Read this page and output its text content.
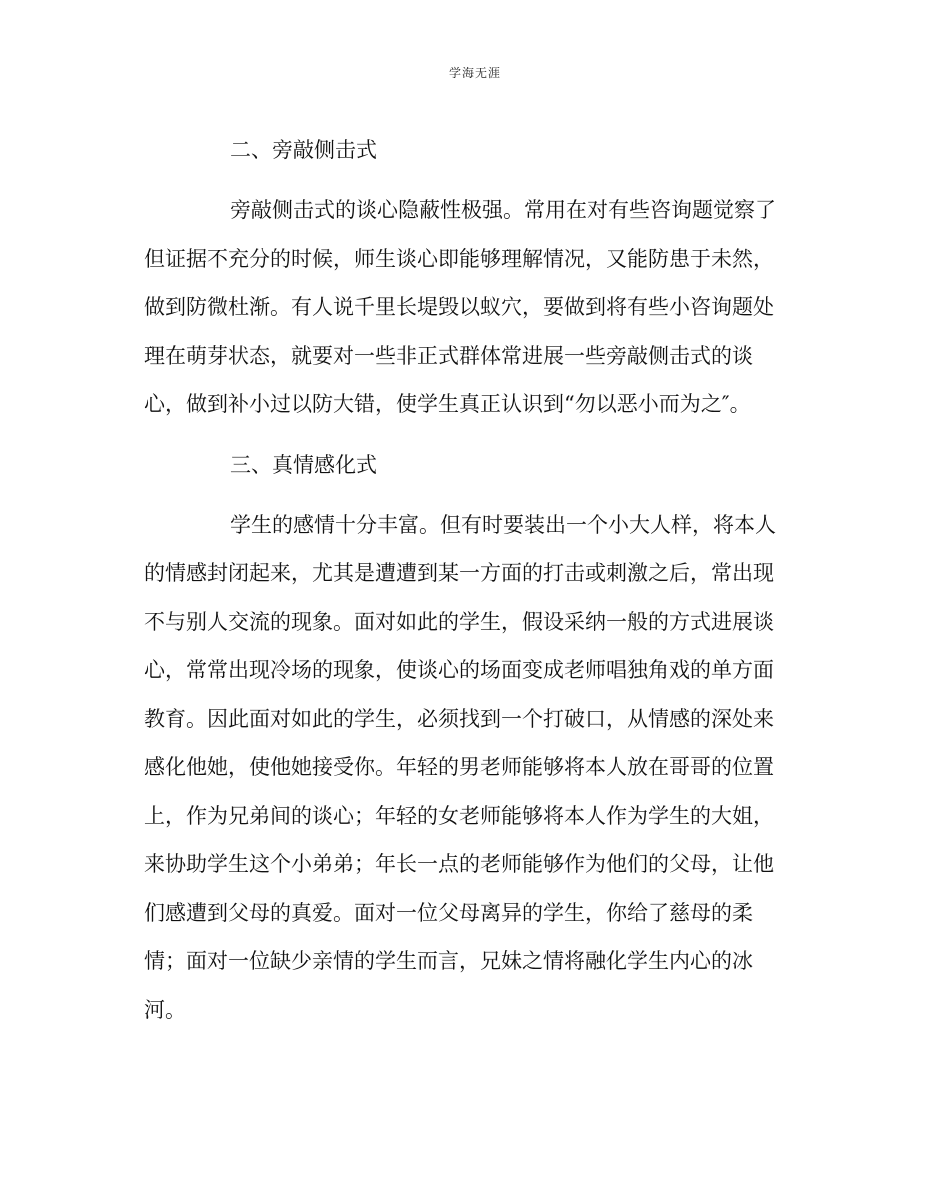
学海无涯
二、旁敲侧击式
旁敲侧击式的谈心隐蔽性极强。常用在对有些咨询题觉察了
但证据不充分的时候，师生谈心即能够理解情况，又能防患于未然，
做到防微杜渐。有人说千里长堤毁以蚁穴，要做到将有些小咨询题处
理在萌芽状态，就要对一些非正式群体常进展一些旁敲侧击式的谈
心，做到补小过以防大错，使学生真正认识到“勿以恶小而为之″。
三、真情感化式
学生的感情十分丰富。但有时要装出一个小大人样，将本人
的情感封闭起来，尤其是遭遭到某一方面的打击或刺激之后，常出现
不与别人交流的现象。面对如此的学生，假设采纳一般的方式进展谈
心，常常出现冷场的现象，使谈心的场面变成老师唱独角戏的单方面
教育。因此面对如此的学生，必须找到一个打破口，从情感的深处来
感化他她，使他她接受你。年轻的男老师能够将本人放在哥哥的位置
上，作为兄弟间的谈心；年轻的女老师能够将本人作为学生的大姐，
来协助学生这个小弟弟；年长一点的老师能够作为他们的父母，让他
们感遭到父母的真爱。面对一位父母离异的学生，你给了慈母的柔
情；面对一位缺少亲情的学生而言，兄妹之情将融化学生内心的冰
河。
